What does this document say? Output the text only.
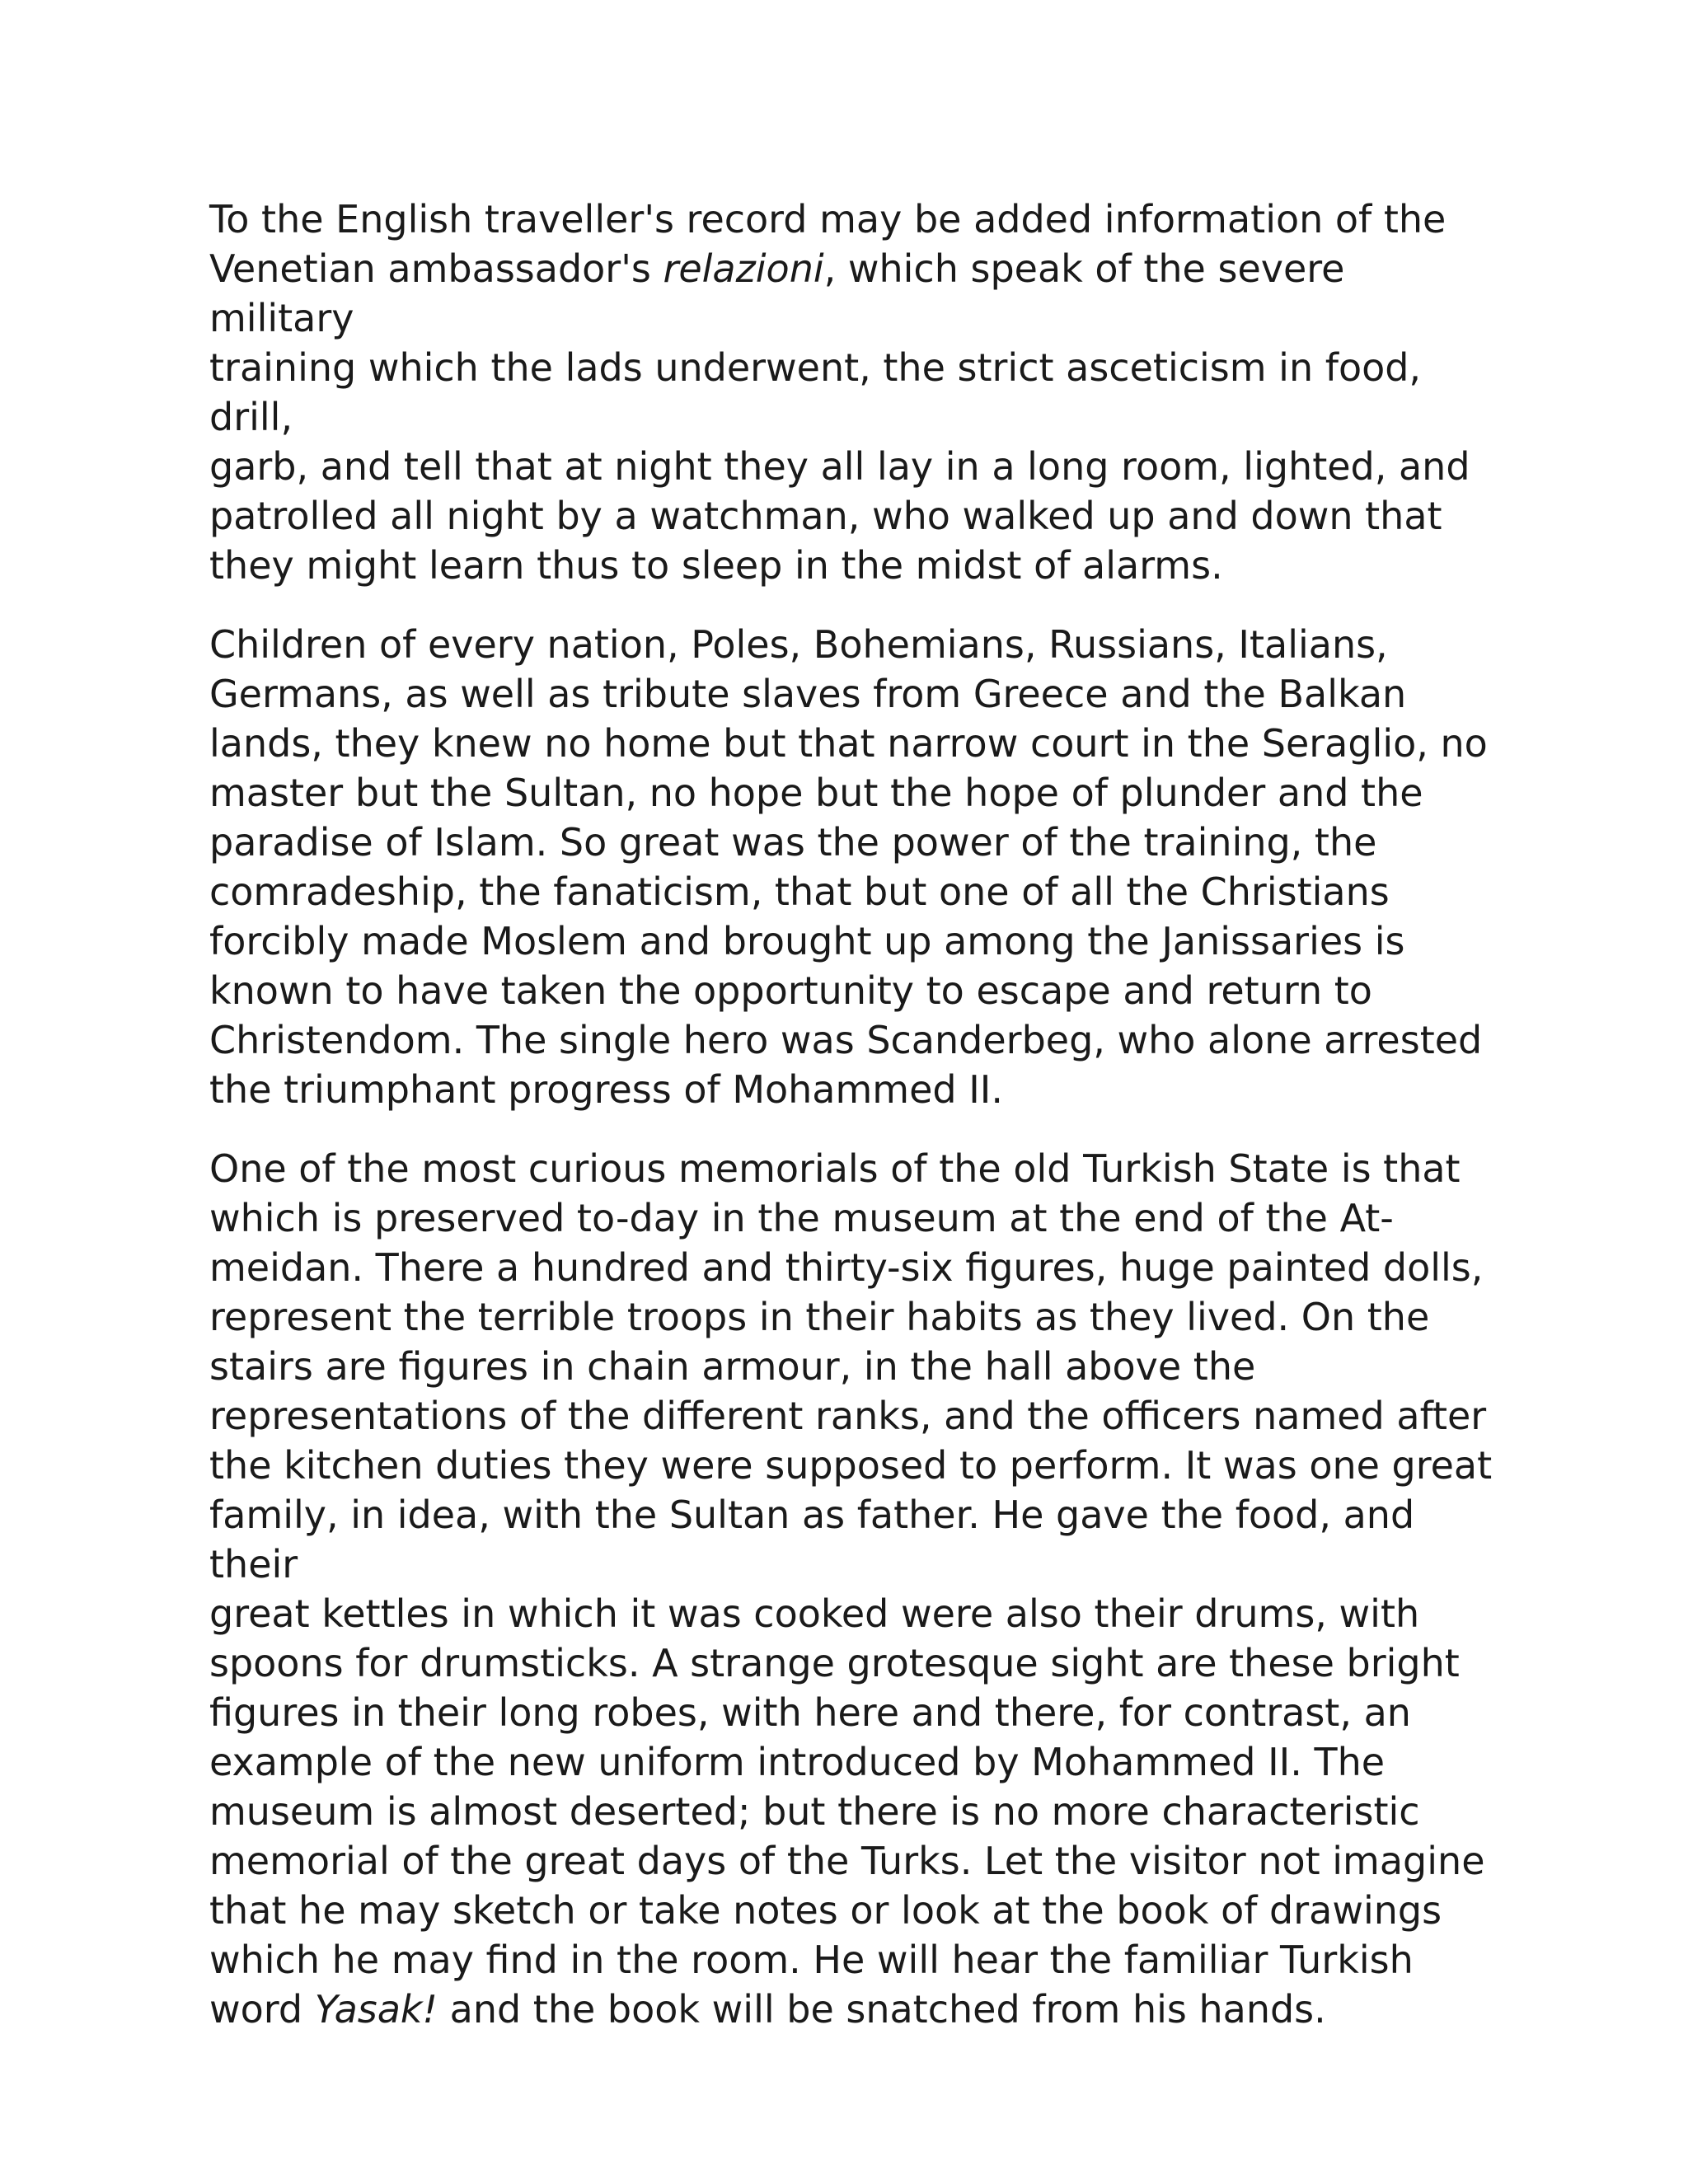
To the English traveller's record may be added information of the
Venetian ambassador's relazioni, which speak of the severe military
training which the lads underwent, the strict asceticism in food, drill,
garb, and tell that at night they all lay in a long room, lighted, and
patrolled all night by a watchman, who walked up and down that
they might learn thus to sleep in the midst of alarms.

Children of every nation, Poles, Bohemians, Russians, Italians,
Germans, as well as tribute slaves from Greece and the Balkan
lands, they knew no home but that narrow court in the Seraglio, no
master but the Sultan, no hope but the hope of plunder and the
paradise of Islam. So great was the power of the training, the
comradeship, the fanaticism, that but one of all the Christians
forcibly made Moslem and brought up among the Janissaries is
known to have taken the opportunity to escape and return to
Christendom. The single hero was Scanderbeg, who alone arrested
the triumphant progress of Mohammed II.

One of the most curious memorials of the old Turkish State is that
which is preserved to-day in the museum at the end of the At-
meidan. There a hundred and thirty-six figures, huge painted dolls,
represent the terrible troops in their habits as they lived. On the
stairs are figures in chain armour, in the hall above the
representations of the different ranks, and the officers named after
the kitchen duties they were supposed to perform. It was one great
family, in idea, with the Sultan as father. He gave the food, and their
great kettles in which it was cooked were also their drums, with
spoons for drumsticks. A strange grotesque sight are these bright
figures in their long robes, with here and there, for contrast, an
example of the new uniform introduced by Mohammed II. The
museum is almost deserted; but there is no more characteristic
memorial of the great days of the Turks. Let the visitor not imagine
that he may sketch or take notes or look at the book of drawings
which he may find in the room. He will hear the familiar Turkish
word Yasak! and the book will be snatched from his hands.
